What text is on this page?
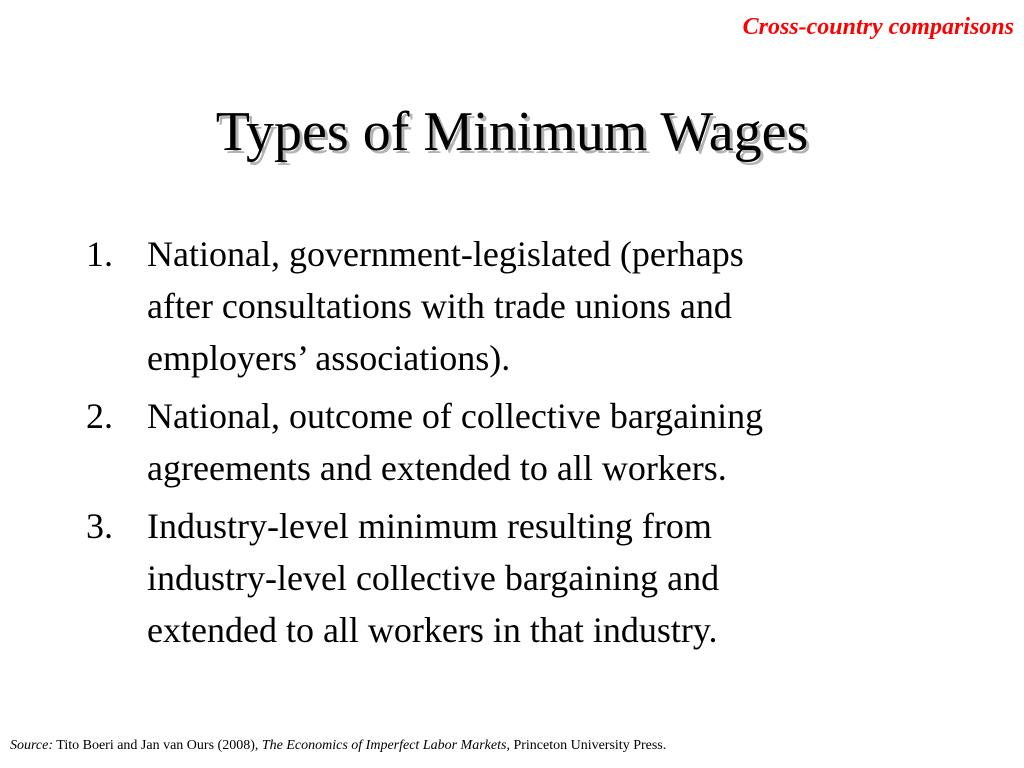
Cross-country comparisons
Types of Minimum Wages
1. National, government-legislated (perhaps
after consultations with trade unions and
employers’ associations).
2. National, outcome of collective bargaining
agreements and extended to all workers.
3. Industry-level minimum resulting from
industry-level collective bargaining and
extended to all workers in that industry.
Source: Tito Boeri and Jan van Ours (2008), The Economics of Imperfect Labor Markets, Princeton University Press.
